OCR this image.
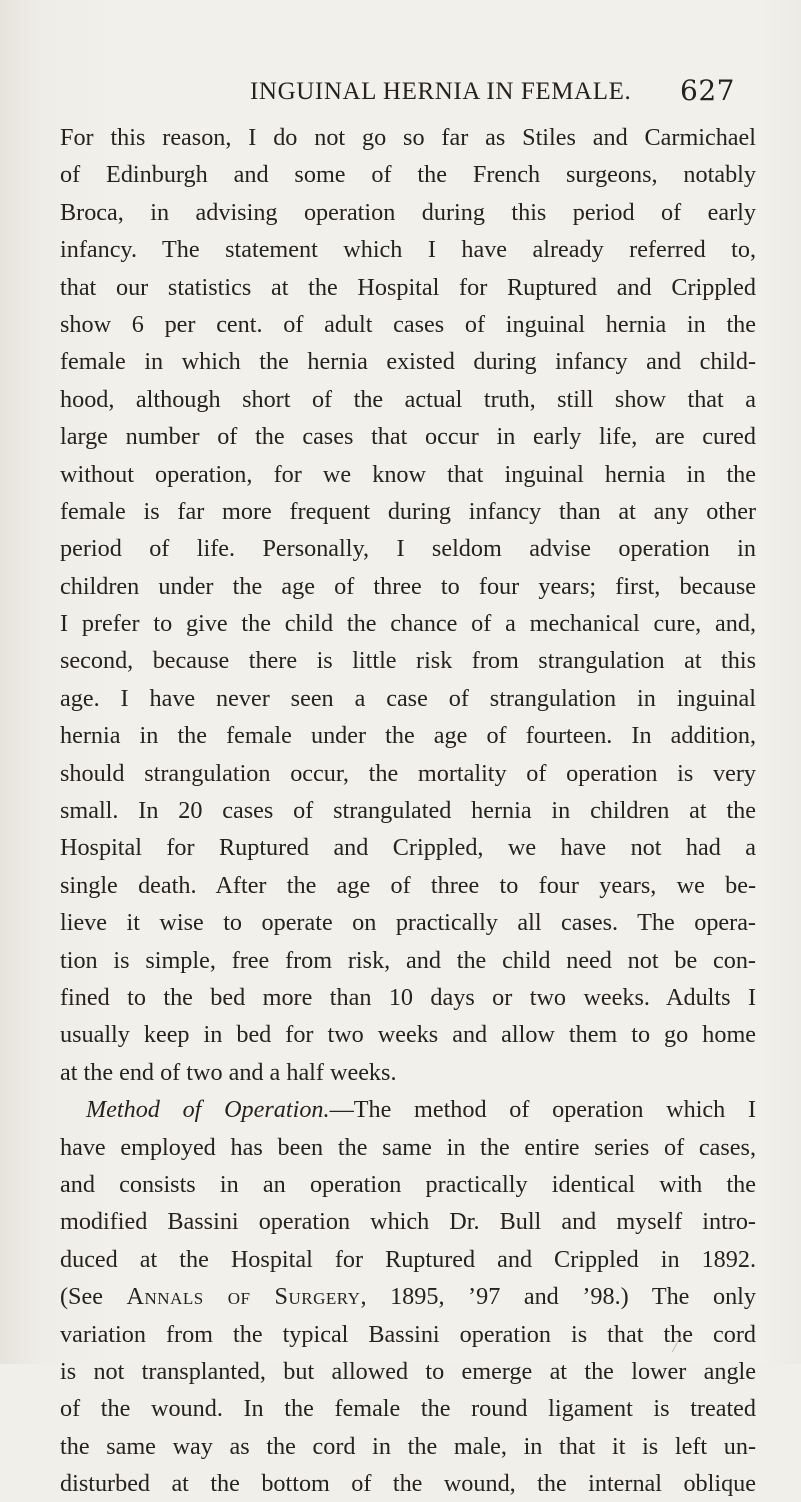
INGUINAL HERNIA IN FEMALE. 627
For this reason, I do not go so far as Stiles and Carmichael
of Edinburgh and some of the French surgeons, notably
Broca, in advising operation during this period of early
infancy. The statement which I have already referred to,
that our statistics at the Hospital for Ruptured and Crippled
show 6 per cent. of adult cases of inguinal hernia in the
female in which the hernia existed during infancy and child-
hood, although short of the actual truth, still show that a
large number of the cases that occur in early life, are cured
without operation, for we know that inguinal hernia in the
female is far more frequent during infancy than at any other
period of life. Personally, I seldom advise operation in
children under the age of three to four years; first, because
I prefer to give the child the chance of a mechanical cure, and,
second, because there is little risk from strangulation at this
age. I have never seen a case of strangulation in inguinal
hernia in the female under the age of fourteen. In addition,
should strangulation occur, the mortality of operation is very
small. In 20 cases of strangulated hernia in children at the
Hospital for Ruptured and Crippled, we have not had a
single death. After the age of three to four years, we be-
lieve it wise to operate on practically all cases. The opera-
tion is simple, free from risk, and the child need not be con-
fined to the bed more than 10 days or two weeks. Adults I
usually keep in bed for two weeks and allow them to go home
at the end of two and a half weeks.
Method of Operation.—The method of operation which I
have employed has been the same in the entire series of cases,
and consists in an operation practically identical with the
modified Bassini operation which Dr. Bull and myself intro-
duced at the Hospital for Ruptured and Crippled in 1892.
(See Annals of Surgery, 1895, ’97 and ’98.) The only
variation from the typical Bassini operation is that the cord
is not transplanted, but allowed to emerge at the lower angle
of the wound. In the female the round ligament is treated
the same way as the cord in the male, in that it is left un-
disturbed at the bottom of the wound, the internal oblique
